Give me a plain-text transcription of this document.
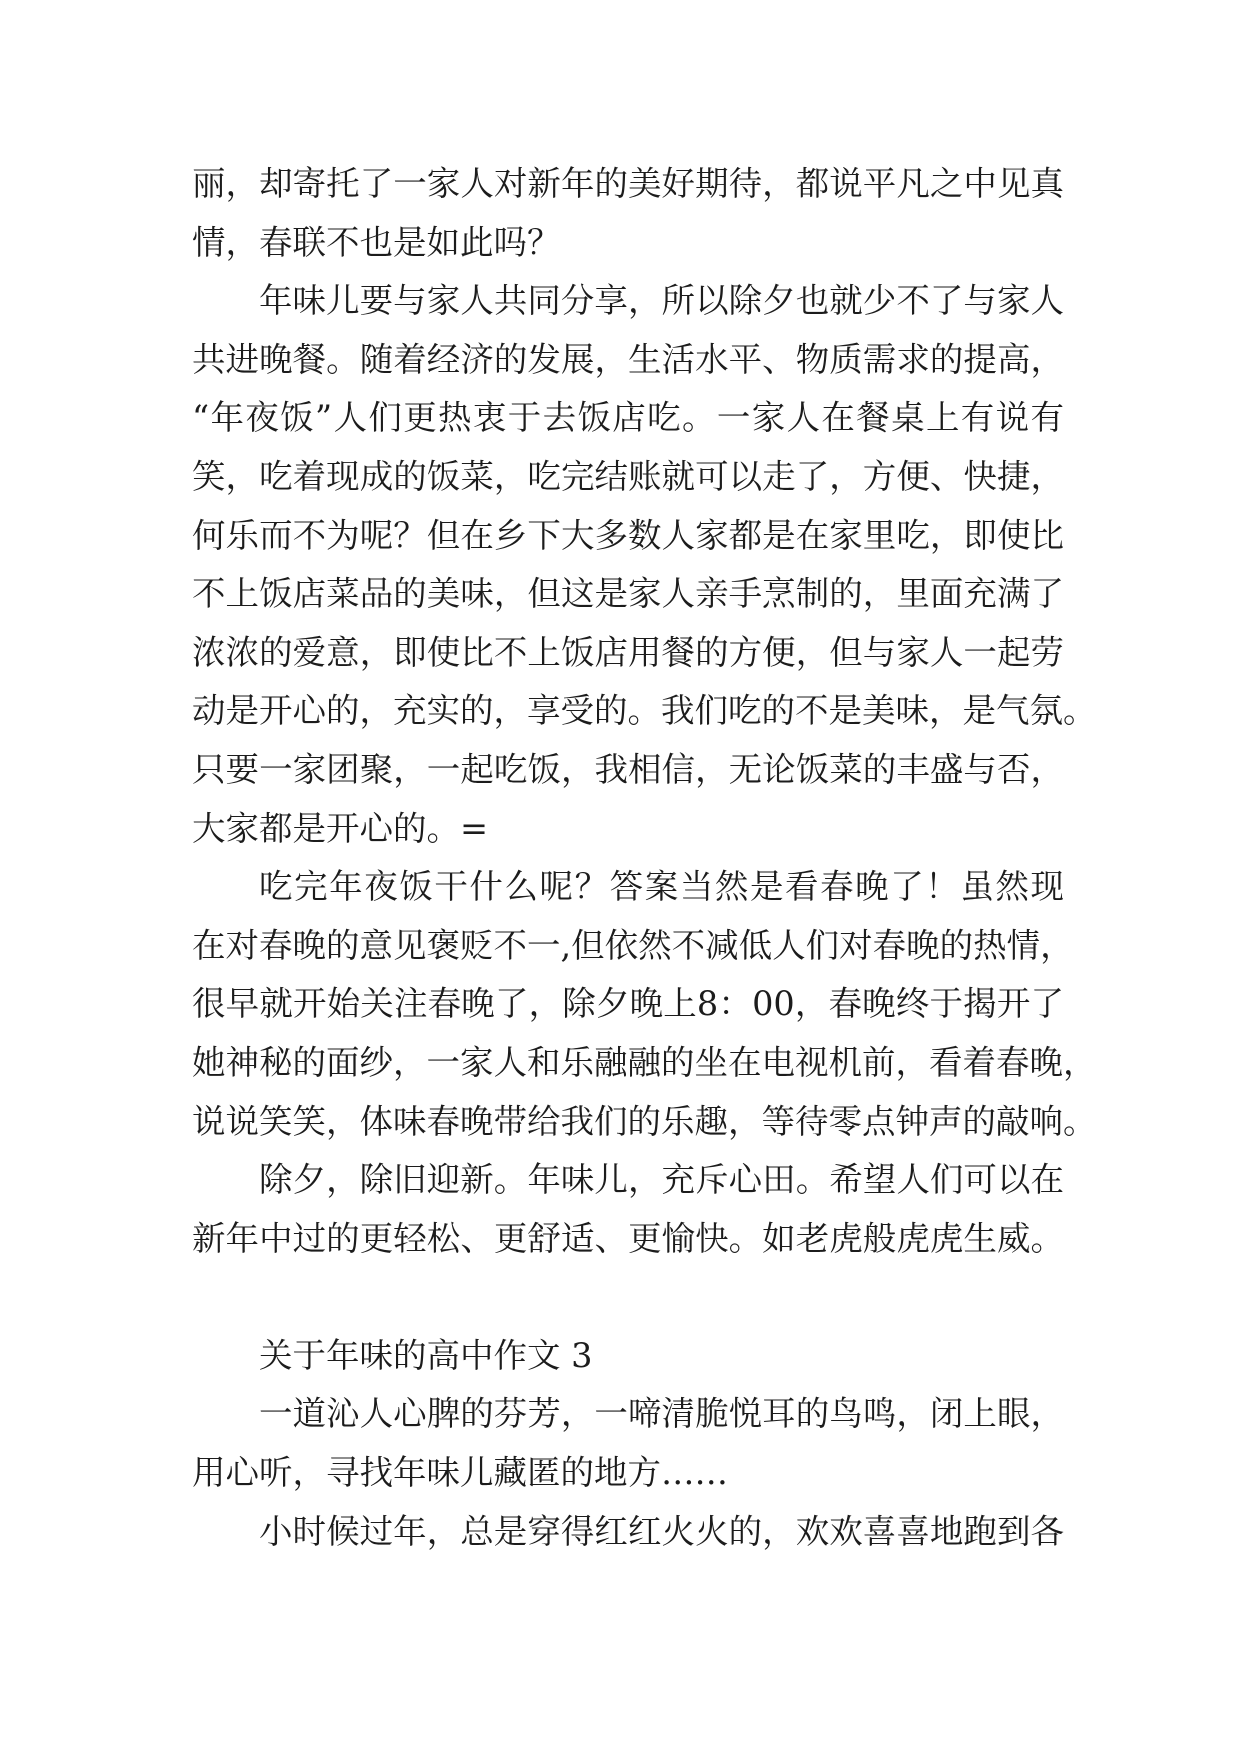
丽，却寄托了一家人对新年的美好期待，都说平凡之中见真
情，春联不也是如此吗？
年味儿要与家人共同分享，所以除夕也就少不了与家人
共进晚餐。随着经济的发展，生活水平、物质需求的提高，
“年夜饭”人们更热衷于去饭店吃。一家人在餐桌上有说有
笑，吃着现成的饭菜，吃完结账就可以走了，方便、快捷，
何乐而不为呢？但在乡下大多数人家都是在家里吃，即使比
不上饭店菜品的美味，但这是家人亲手烹制的，里面充满了
浓浓的爱意，即使比不上饭店用餐的方便，但与家人一起劳
动是开心的，充实的，享受的。我们吃的不是美味，是气氛。
只要一家团聚，一起吃饭，我相信，无论饭菜的丰盛与否，
大家都是开心的。=
吃完年夜饭干什么呢？答案当然是看春晚了！虽然现
在对春晚的意见褒贬不一,但依然不减低人们对春晚的热情，
很早就开始关注春晚了，除夕晚上8：00，春晚终于揭开了
她神秘的面纱，一家人和乐融融的坐在电视机前，看着春晚，
说说笑笑，体味春晚带给我们的乐趣，等待零点钟声的敲响。
除夕，除旧迎新。年味儿，充斥心田。希望人们可以在
新年中过的更轻松、更舒适、更愉快。如老虎般虎虎生威。
关于年味的高中作文 3
一道沁人心脾的芬芳，一啼清脆悦耳的鸟鸣，闭上眼，
用心听，寻找年味儿藏匿的地方……
小时候过年，总是穿得红红火火的，欢欢喜喜地跑到各
